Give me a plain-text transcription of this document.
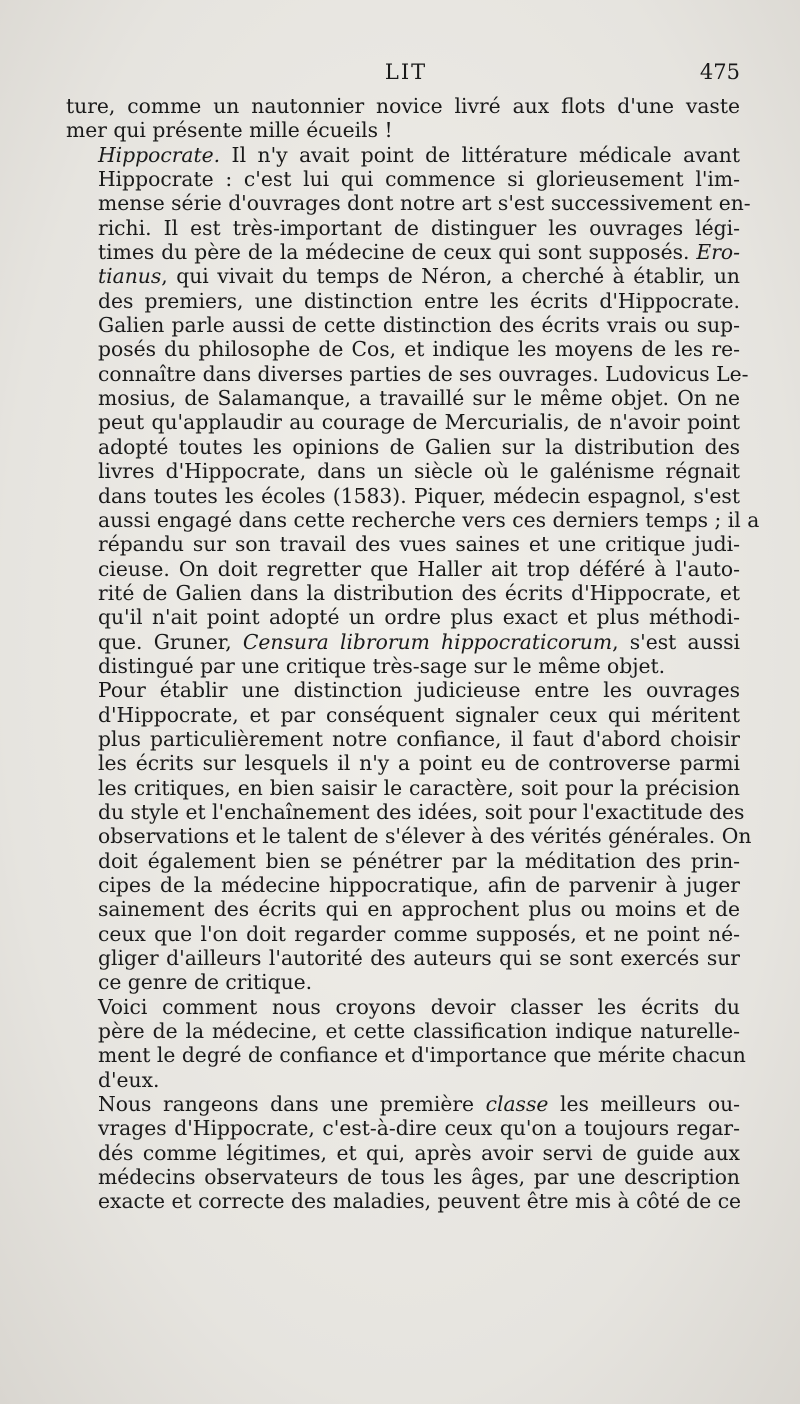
LIT	475

ture, comme un nautonnier novice livré aux flots d'une vaste
mer qui présente mille écueils !

Hippocrate. Il n'y avait point de littérature médicale avant
Hippocrate : c'est lui qui commence si glorieusement l'im-
mense série d'ouvrages dont notre art s'est successivement en-
richi. Il est très-important de distinguer les ouvrages légi-
times du père de la médecine de ceux qui sont supposés. Ero-
tianus, qui vivait du temps de Néron, a cherché à établir, un
des premiers, une distinction entre les écrits d'Hippocrate.
Galien parle aussi de cette distinction des écrits vrais ou sup-
posés du philosophe de Cos, et indique les moyens de les re-
connaître dans diverses parties de ses ouvrages. Ludovicus Le-
mosius, de Salamanque, a travaillé sur le même objet. On ne
peut qu'applaudir au courage de Mercurialis, de n'avoir point
adopté toutes les opinions de Galien sur la distribution des
livres d'Hippocrate, dans un siècle où le galénisme régnait
dans toutes les écoles (1583). Piquer, médecin espagnol, s'est
aussi engagé dans cette recherche vers ces derniers temps ; il a
répandu sur son travail des vues saines et une critique judi-
cieuse. On doit regretter que Haller ait trop déféré à l'auto-
rité de Galien dans la distribution des écrits d'Hippocrate, et
qu'il n'ait point adopté un ordre plus exact et plus méthodi-
que. Gruner, Censura librorum hippocraticorum, s'est aussi
distingué par une critique très-sage sur le même objet.

Pour établir une distinction judicieuse entre les ouvrages
d'Hippocrate, et par conséquent signaler ceux qui méritent
plus particulièrement notre confiance, il faut d'abord choisir
les écrits sur lesquels il n'y a point eu de controverse parmi
les critiques, en bien saisir le caractère, soit pour la précision
du style et l'enchaînement des idées, soit pour l'exactitude des
observations et le talent de s'élever à des vérités générales. On
doit également bien se pénétrer par la méditation des prin-
cipes de la médecine hippocratique, afin de parvenir à juger
sainement des écrits qui en approchent plus ou moins et de
ceux que l'on doit regarder comme supposés, et ne point né-
gliger d'ailleurs l'autorité des auteurs qui se sont exercés sur
ce genre de critique.

Voici comment nous croyons devoir classer les écrits du
père de la médecine, et cette classification indique naturelle-
ment le degré de confiance et d'importance que mérite chacun
d'eux.

Nous rangeons dans une première classe les meilleurs ou-
vrages d'Hippocrate, c'est-à-dire ceux qu'on a toujours regar-
dés comme légitimes, et qui, après avoir servi de guide aux
médecins observateurs de tous les âges, par une description
exacte et correcte des maladies, peuvent être mis à côté de ce
